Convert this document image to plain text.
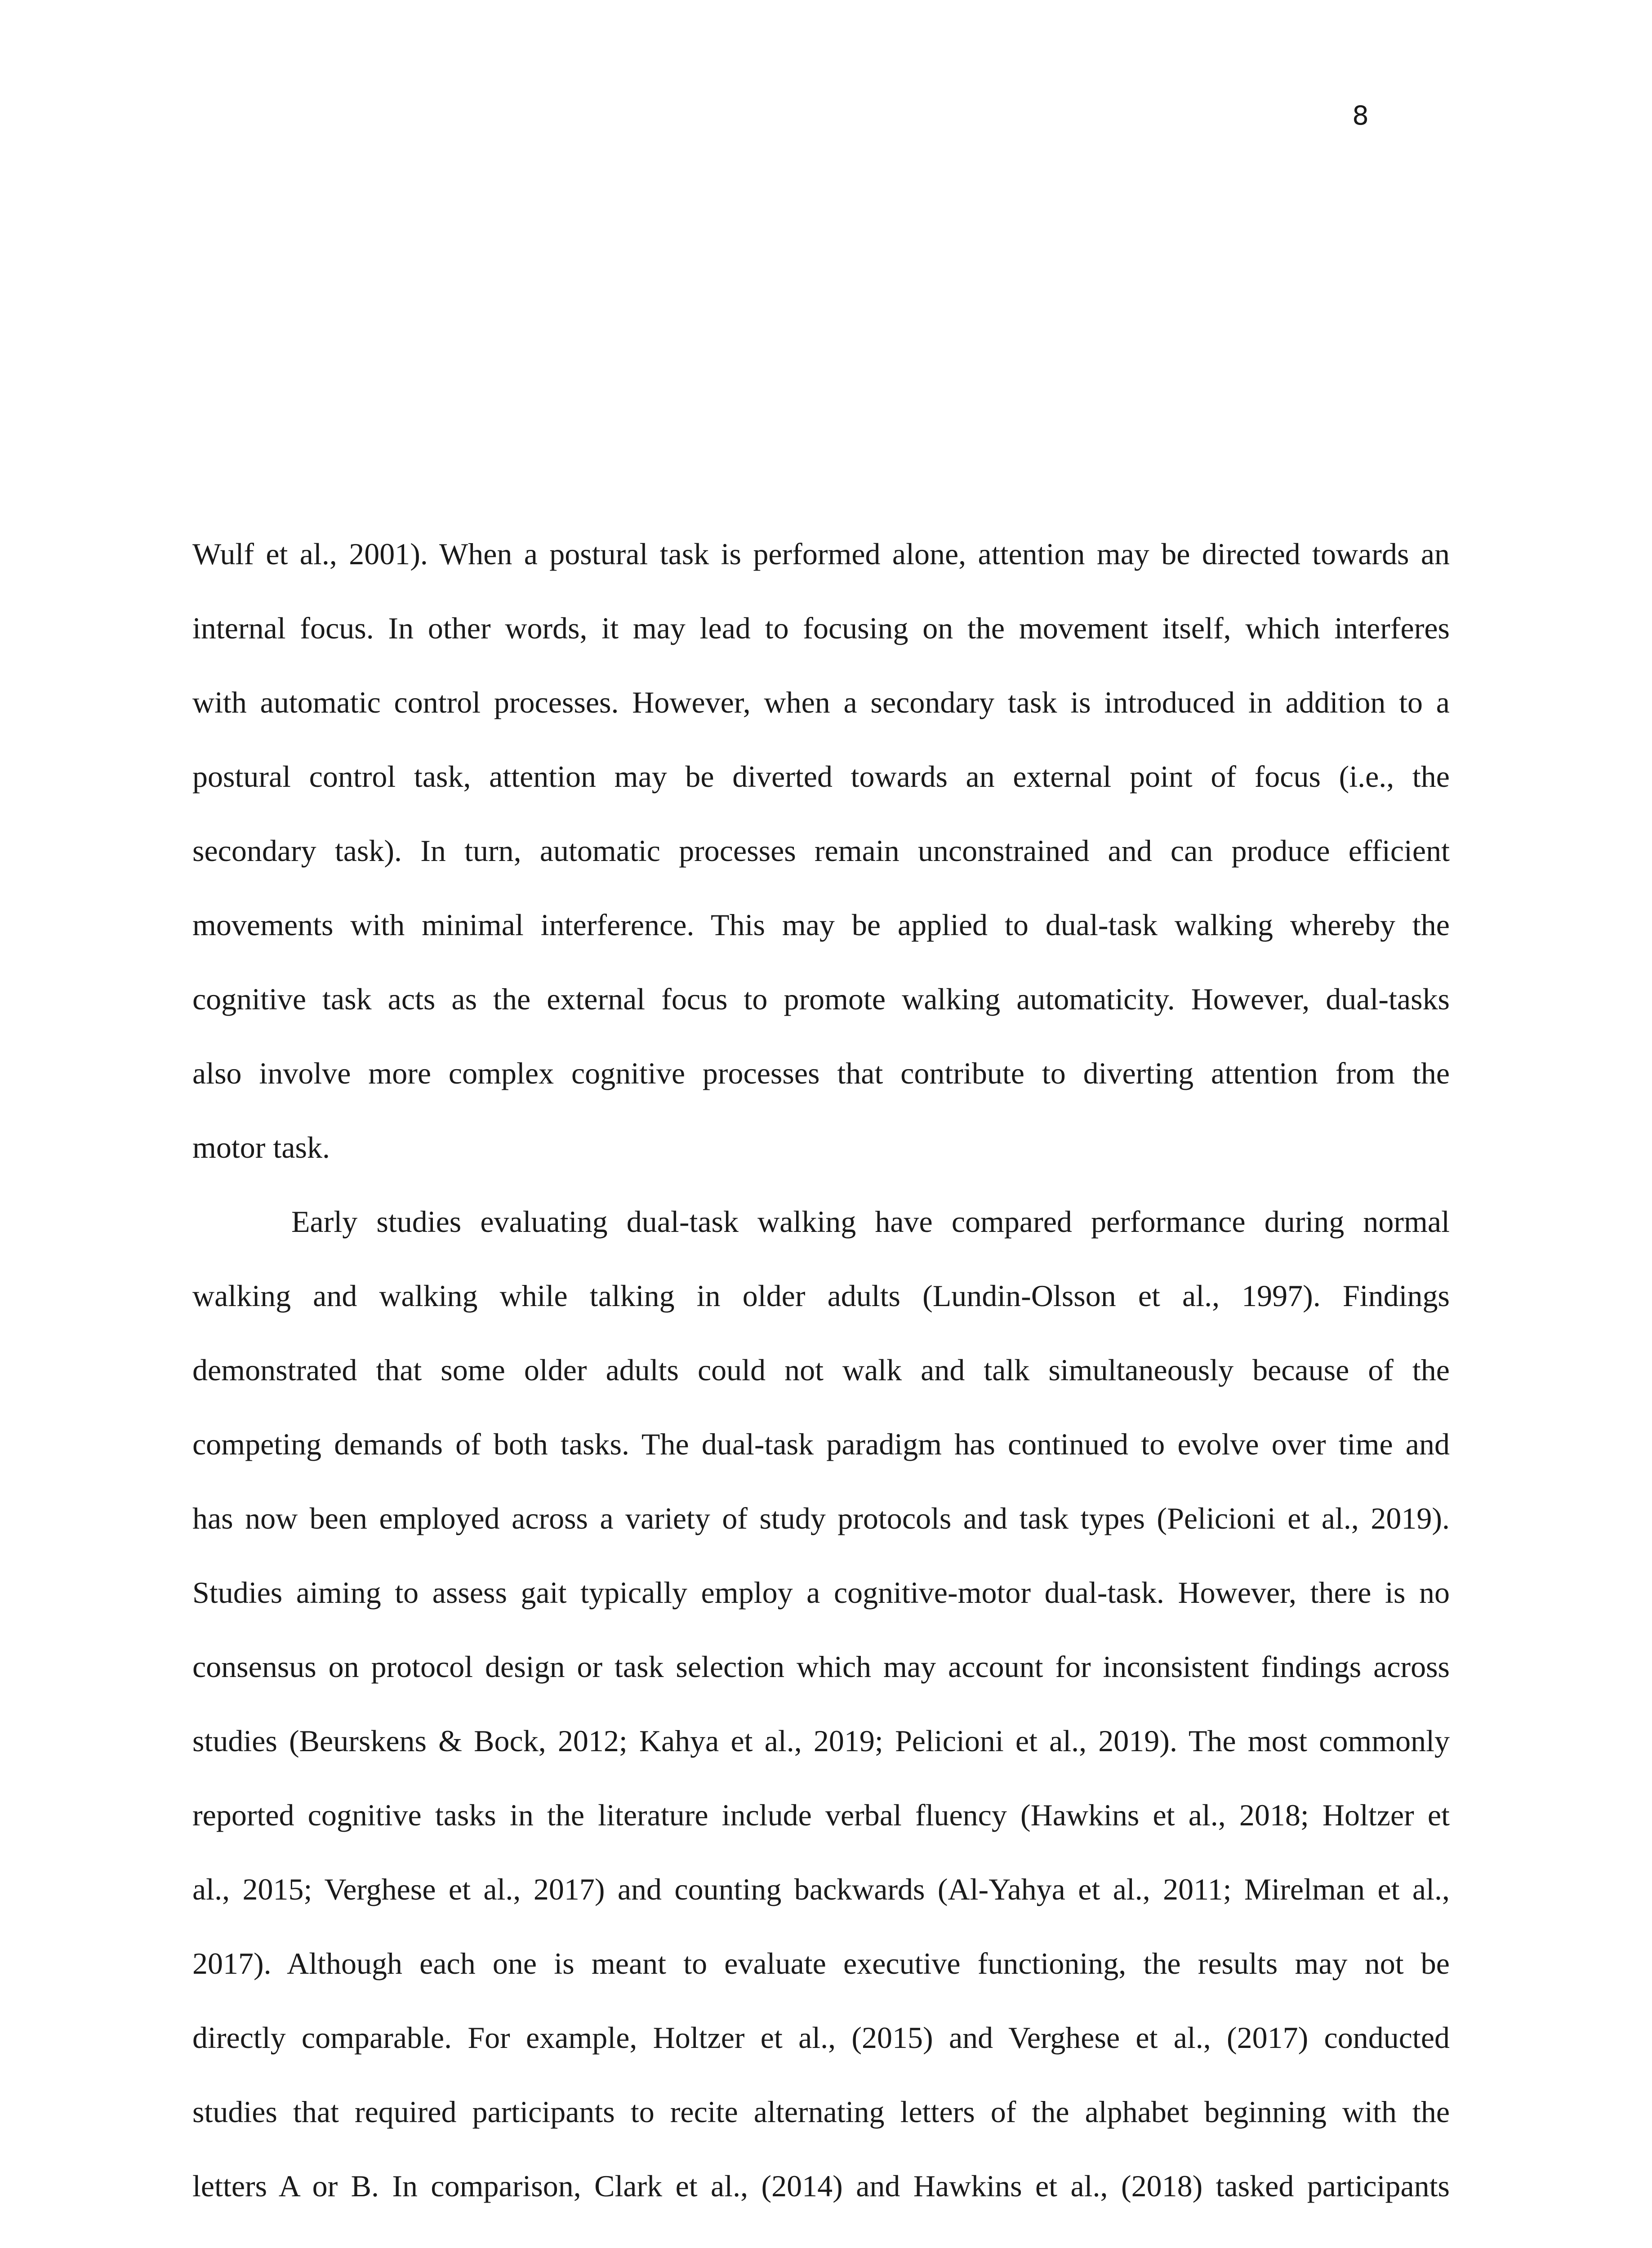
8
Wulf et al., 2001). When a postural task is performed alone, attention may be directed towards an
internal focus. In other words, it may lead to focusing on the movement itself, which interferes
with automatic control processes. However, when a secondary task is introduced in addition to a
postural control task, attention may be diverted towards an external point of focus (i.e., the
secondary task). In turn, automatic processes remain unconstrained and can produce efficient
movements with minimal interference. This may be applied to dual-task walking whereby the
cognitive task acts as the external focus to promote walking automaticity. However, dual-tasks
also involve more complex cognitive processes that contribute to diverting attention from the
motor task.
Early studies evaluating dual-task walking have compared performance during normal
walking and walking while talking in older adults (Lundin-Olsson et al., 1997). Findings
demonstrated that some older adults could not walk and talk simultaneously because of the
competing demands of both tasks. The dual-task paradigm has continued to evolve over time and
has now been employed across a variety of study protocols and task types (Pelicioni et al., 2019).
Studies aiming to assess gait typically employ a cognitive-motor dual-task. However, there is no
consensus on protocol design or task selection which may account for inconsistent findings across
studies (Beurskens & Bock, 2012; Kahya et al., 2019; Pelicioni et al., 2019). The most commonly
reported cognitive tasks in the literature include verbal fluency (Hawkins et al., 2018; Holtzer et
al., 2015; Verghese et al., 2017) and counting backwards (Al-Yahya et al., 2011; Mirelman et al.,
2017). Although each one is meant to evaluate executive functioning, the results may not be
directly comparable. For example, Holtzer et al., (2015) and Verghese et al., (2017) conducted
studies that required participants to recite alternating letters of the alphabet beginning with the
letters A or B. In comparison, Clark et al., (2014) and Hawkins et al., (2018) tasked participants
